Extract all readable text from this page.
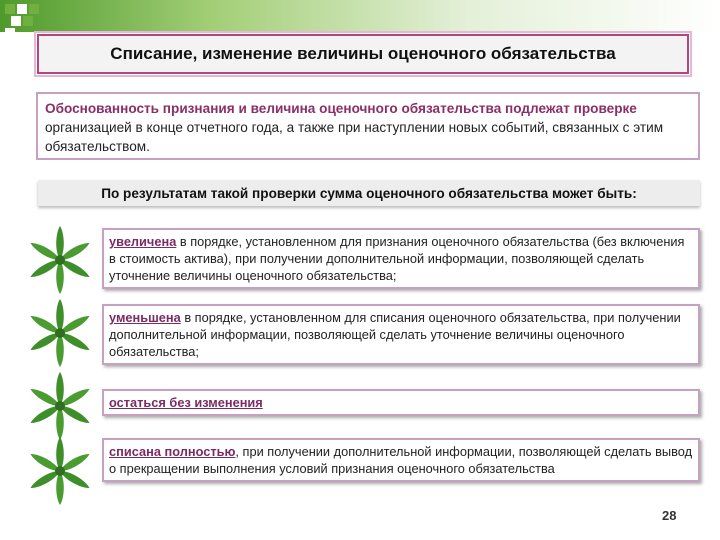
Списание, изменение величины оценочного обязательства
Обоснованность признания и величина оценочного обязательства подлежат проверке организацией в конце отчетного года, а также при наступлении новых событий, связанных с этим обязательством.
По результатам такой проверки сумма оценочного обязательства может быть:
увеличена в порядке, установленном для признания оценочного обязательства (без включения в стоимость актива), при получении дополнительной информации, позволяющей сделать уточнение величины оценочного обязательства;
уменьшена в порядке, установленном для списания оценочного обязательства, при получении дополнительной информации, позволяющей сделать уточнение величины оценочного обязательства;
остаться без изменения
списана полностью, при получении дополнительной информации, позволяющей сделать вывод о прекращении выполнения условий признания оценочного обязательства
28
